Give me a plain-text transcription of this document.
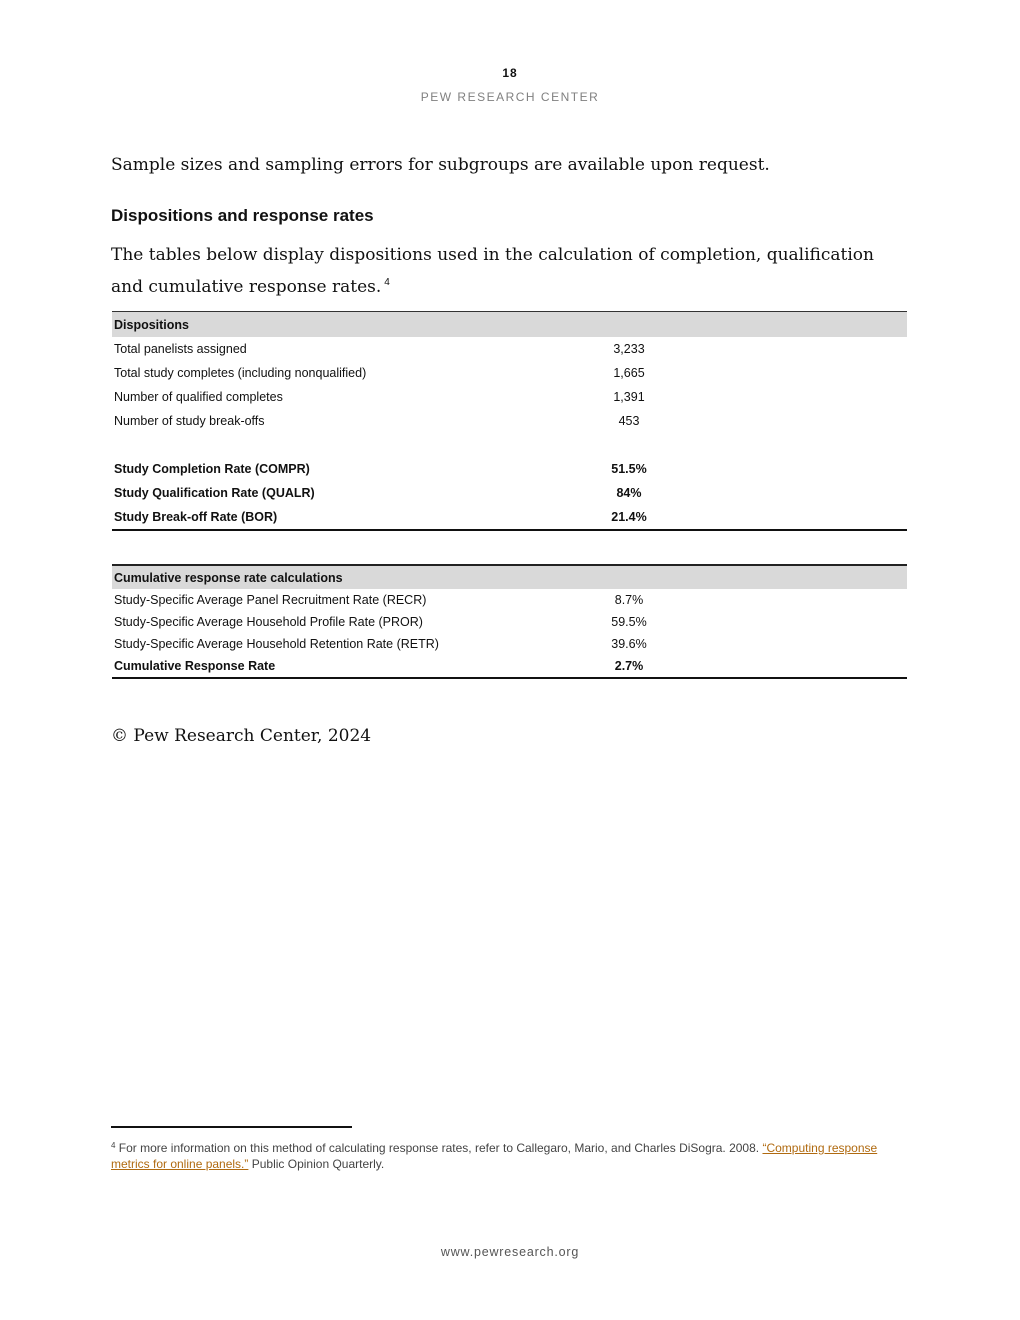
18
PEW RESEARCH CENTER

Sample sizes and sampling errors for subgroups are available upon request.

Dispositions and response rates

The tables below display dispositions used in the calculation of completion, qualification and cumulative response rates. $^4$

Dispositions		
Total panelists assigned	3,233	
Total study completes (including nonqualified)	1,665	
Number of qualified completes	1,391	
Number of study break-offs	453	

Study Completion Rate (COMPR)	51.5%	
Study Qualification Rate (QUALR)	84%	
Study Break-off Rate (BOR)	21.4%	
Cumulative response rate calculations		
Study-Specific Average Panel Recruitment Rate (RECR)	8.7%	
Study-Specific Average Household Profile Rate (PROR)	59.5%	
Study-Specific Average Household Retention Rate (RETR)	39.6%	
Cumulative Response Rate	2.7%	
© Pew Research Center, 2024
$^4$ For more information on this method of calculating response rates, refer to Callegaro, Mario, and Charles DiSogra. 2008. “Computing response metrics for online panels.” Public Opinion Quarterly.
www.pewresearch.org
